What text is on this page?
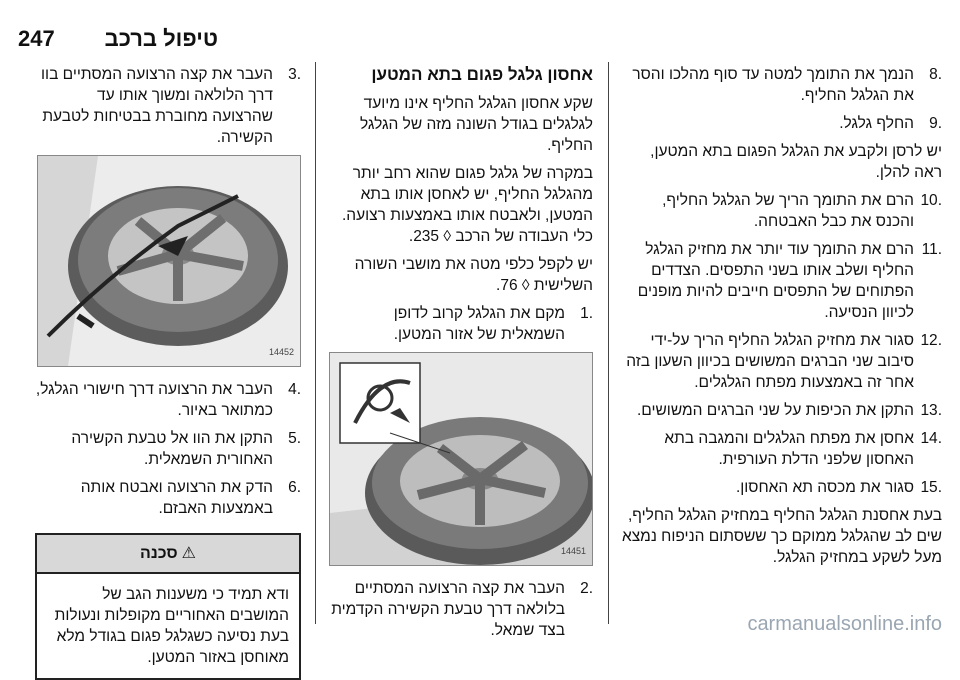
טיפול ברכב
247
.8
הנמך את התומך למטה עד סוף מהלכו והסר את הגלגל החליף.
.9
החלף גלגל.

יש לרסן ולקבע את הגלגל הפגום בתא המטען, ראה להלן.

.10
הרם את התומך הריך של הגלגל החליף, והכנס את כבל האבטחה.
.11
הרם את התומך עוד יותר את מחזיק הגלגל החליף ושלב אותו בשני התפסים. הצדדים הפתוחים של התפסים חייבים להיות מופנים לכיוון הנסיעה.
.12
סגור את מחזיק הגלגל החליף הריך על-ידי סיבוב שני הברגים המשושים בכיוון השעון בזה אחר זה באמצעות מפתח הגלגלים.
.13
התקן את הכיפות על שני הברגים המשושים.
.14
אחסן את מפתח הגלגלים והמגבה בתא האחסון שלפני הדלת העורפית.
.15
סגור את מכסה תא האחסון.

בעת אחסנת הגלגל החליף במחזיק הגלגל החליף, שים לב שהגלגל ממוקם כך ששסתום הניפוח נמצא מעל לשקע במחזיק הגלגל.

אחסון גלגל פגום בתא המטען

שקע אחסון הגלגל החליף אינו מיועד לגלגלים בגודל השונה מזה של הגלגל החליף.

במקרה של גלגל פגום שהוא רחב יותר מהגלגל החליף, יש לאחסן אותו בתא המטען, ולאבטח אותו באמצעות רצועה. כלי העבודה של הרכב ◊ 235.

יש לקפל כלפי מטה את מושבי השורה השלישית ◊ 76.

.1
מקם את הגלגל קרוב לדופן השמאלית של אזור המטען.
14451
.2
העבר את קצה הרצועה המסתיים בלולאה דרך טבעת הקשירה הקדמית בצד שמאל.
.3
העבר את קצה הרצועה המסתיים בוו דרך הלולאה ומשוך אותו עד שהרצועה מחוברת בבטיחות לטבעת הקשירה.
14452
.4
העבר את הרצועה דרך חישורי הגלגל, כמתואר באיור.
.5
התקן את הוו אל טבעת הקשירה האחורית השמאלית.
.6
הדק את הרצועה ואבטח אותה באמצעות האבזם.
⚠סכנה
ודא תמיד כי משענות הגב של המושבים האחוריים מקופלות ונעולות בעת נסיעה כשגלגל פגום בגודל מלא מאוחסן באזור המטען.
carmanualsonline.info
